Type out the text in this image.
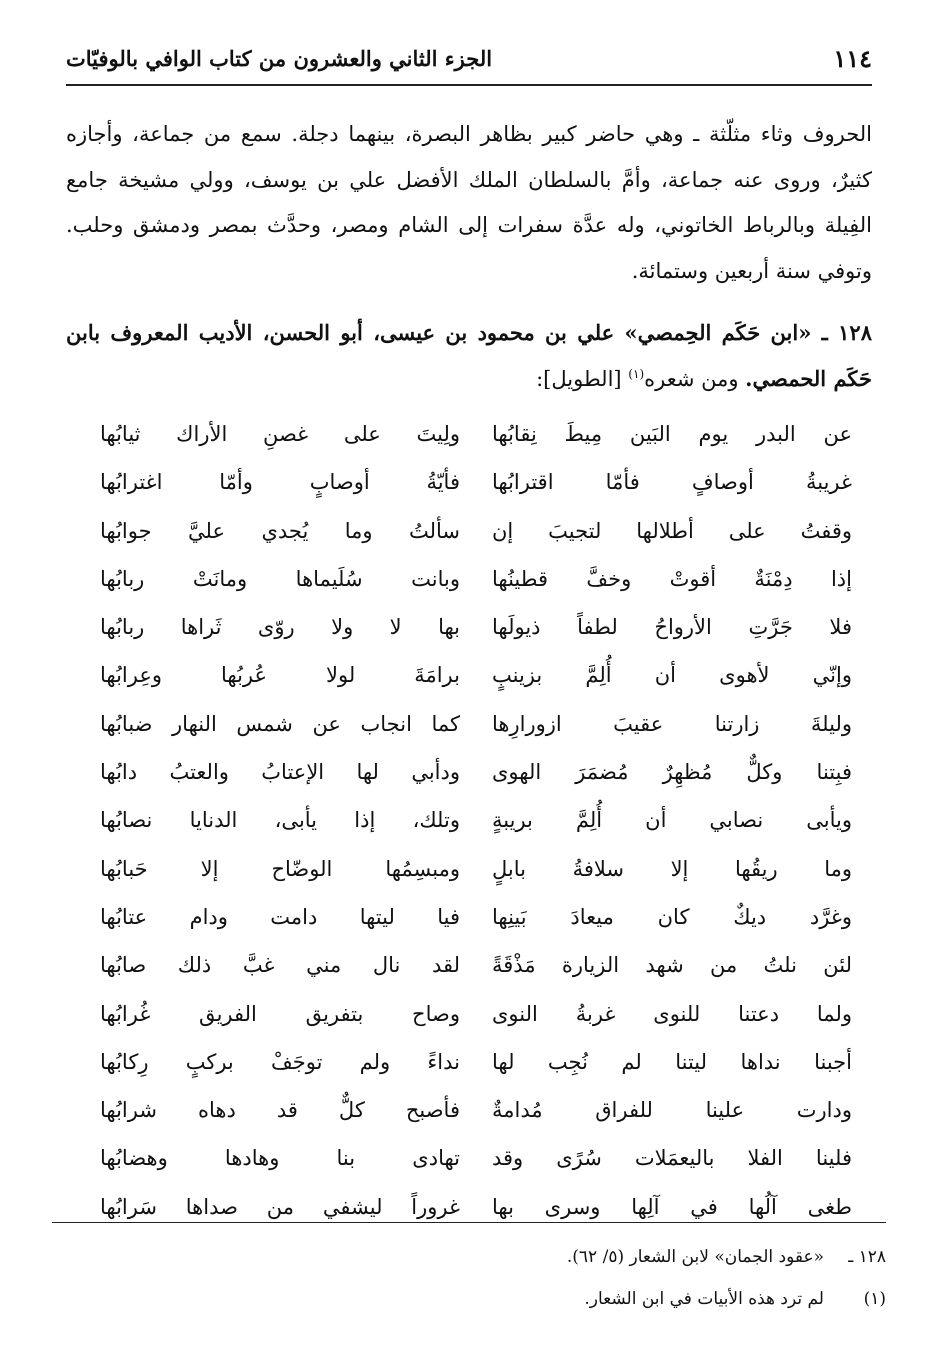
١١٤
الجزء الثاني والعشرون من كتاب الوافي بالوفيّات

الحروف وثاء مثلّثة ـ وهي حاضر كبير بظاهر البصرة، بينهما دجلة. سمع من جماعة، وأجازه كثيرٌ، وروى عنه جماعة، وأمَّ بالسلطان الملك الأفضل علي بن يوسف، وولي مشيخة جامع الفِيلة وبالرباط الخاتوني، وله عدَّة سفرات إلى الشام ومصر، وحدَّث بمصر ودمشق وحلب. وتوفي سنة أربعين وستمائة.

١٢٨ ـ «ابن حَكَم الحِمصي» علي بن محمود بن عيسى، أبو الحسن، الأديب المعروف بابن حَكَم الحمصي. ومن شعره$^{(١)}$ [الطويل]:

عن البدر يوم البَين مِيطَ نِقابُها
ولِيتَ على غصنِ الأراك ثيابُها
غريبةُ أوصافٍ فأمّا اقترابُها
فأيّةُ أوصابٍ وأمّا اغترابُها
وقفتُ على أطلالها لتجيبَ إن
سألتُ وما يُجدي عليَّ جوابُها
إذا دِمْنَةٌ أقوتْ وخفَّ قطينُها
وبانت سُلَيماها ومانَتْ ربابُها
فلا جَرَّتِ الأرواحُ لطفاً ذيولَها
بها لا ولا روّى ثَراها ربابُها
وإنّي لأهوى أن أُلِمَّ بزينبٍ
برامَةَ لولا عُربُها وعِرابُها
وليلةَ زارتنا عقيبَ ازورارِها
كما انجاب عن شمس النهار ضبابُها
فبِتنا وكلٌّ مُظهِرٌ مُضمَرَ الهوى
ودأبي لها الإعتابُ والعتبُ دابُها
ويأبى نصابي أن أُلِمَّ بريبةٍ
وتلك، إذا يأبى، الدنايا نصابُها
وما ريقُها إلا سلافةُ بابلٍ
ومبسِمُها الوضّاح إلا حَبابُها
وغرَّد ديكٌ كان ميعادَ بَينِها
فيا ليتها دامت ودام عتابُها
لئن نلتُ من شهد الزيارة مَذْقَةً
لقد نال مني غبَّ ذلك صابُها
ولما دعتنا للنوى غربةُ النوى
وصاح بتفريق الفريق غُرابُها
أجبنا نداها ليتنا لم نُجِب لها
نداءً ولم توجَفْ بركبٍ رِكابُها
ودارت علينا للفراق مُدامةٌ
فأصبح كلٌّ قد دهاه شرابُها
فلينا الفلا باليعمَلات سُرًى وقد
تهادى بنا وهادها وهضابُها
طغى آلُها في آلِها وسرى بها
غروراً ليشفي من صداها سَرابُها
١٢٨ ـ
«عقود الجمان» لابن الشعار (٥/ ٦٢).
(١)
لم ترد هذه الأبيات في ابن الشعار.
